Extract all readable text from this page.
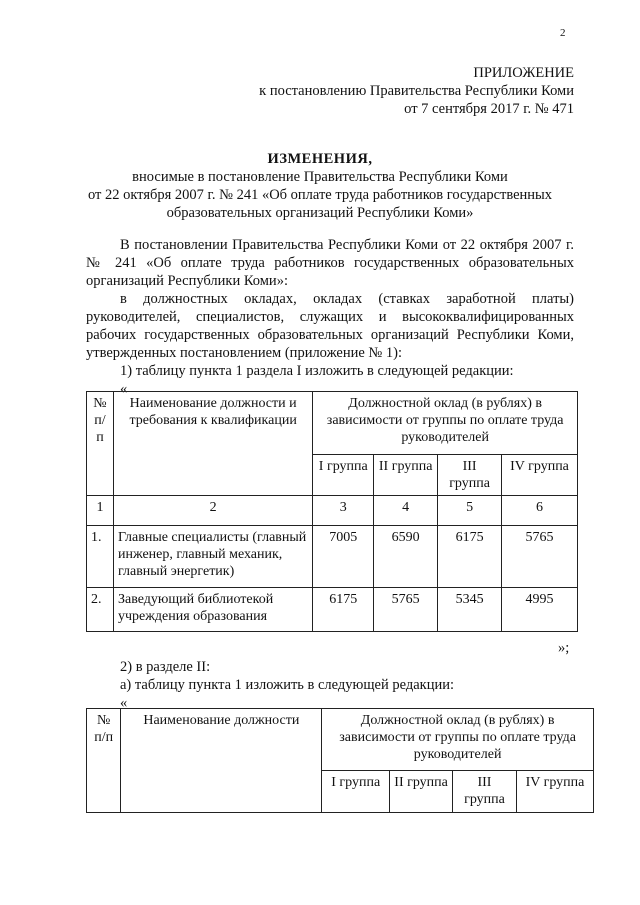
2
ПРИЛОЖЕНИЕ
к постановлению Правительства Республики Коми
от 7 сентября 2017 г. № 471
ИЗМЕНЕНИЯ,
вносимые в постановление Правительства Республики Коми
от 22 октября 2007 г. № 241 «Об оплате труда работников государственных
образовательных организаций Республики Коми»

В постановлении Правительства Республики Коми от 22 октября 2007 г. № 241 «Об оплате труда работников государственных образовательных организаций Республики Коми»:

в должностных окладах, окладах (ставках заработной платы) руководителей, специалистов, служащих и высококвалифицированных рабочих государственных образовательных организаций Республики Коми, утвержденных постановлением (приложение № 1):

1) таблицу пункта 1 раздела I изложить в следующей редакции:

«

№ п/п	Наименование должности и требования к квалификации	Должностной оклад (в рублях) в зависимости от группы по оплате труда руководителей			
		I группа	II группа	III группа	IV группа
1	2	3	4	5	6
1.	Главные специалисты (главный инженер, главный механик, главный энергетик)	7005	6590	6175	5765
2.	Заведующий библиотекой учреждения образования	6175	5765	5345	4995
»;

2) в разделе II:

а) таблицу пункта 1 изложить в следующей редакции:

«

№ п/п	Наименование должности	Должностной оклад (в рублях) в зависимости от группы по оплате труда руководителей			
		I группа	II группа	III группа	IV группа
